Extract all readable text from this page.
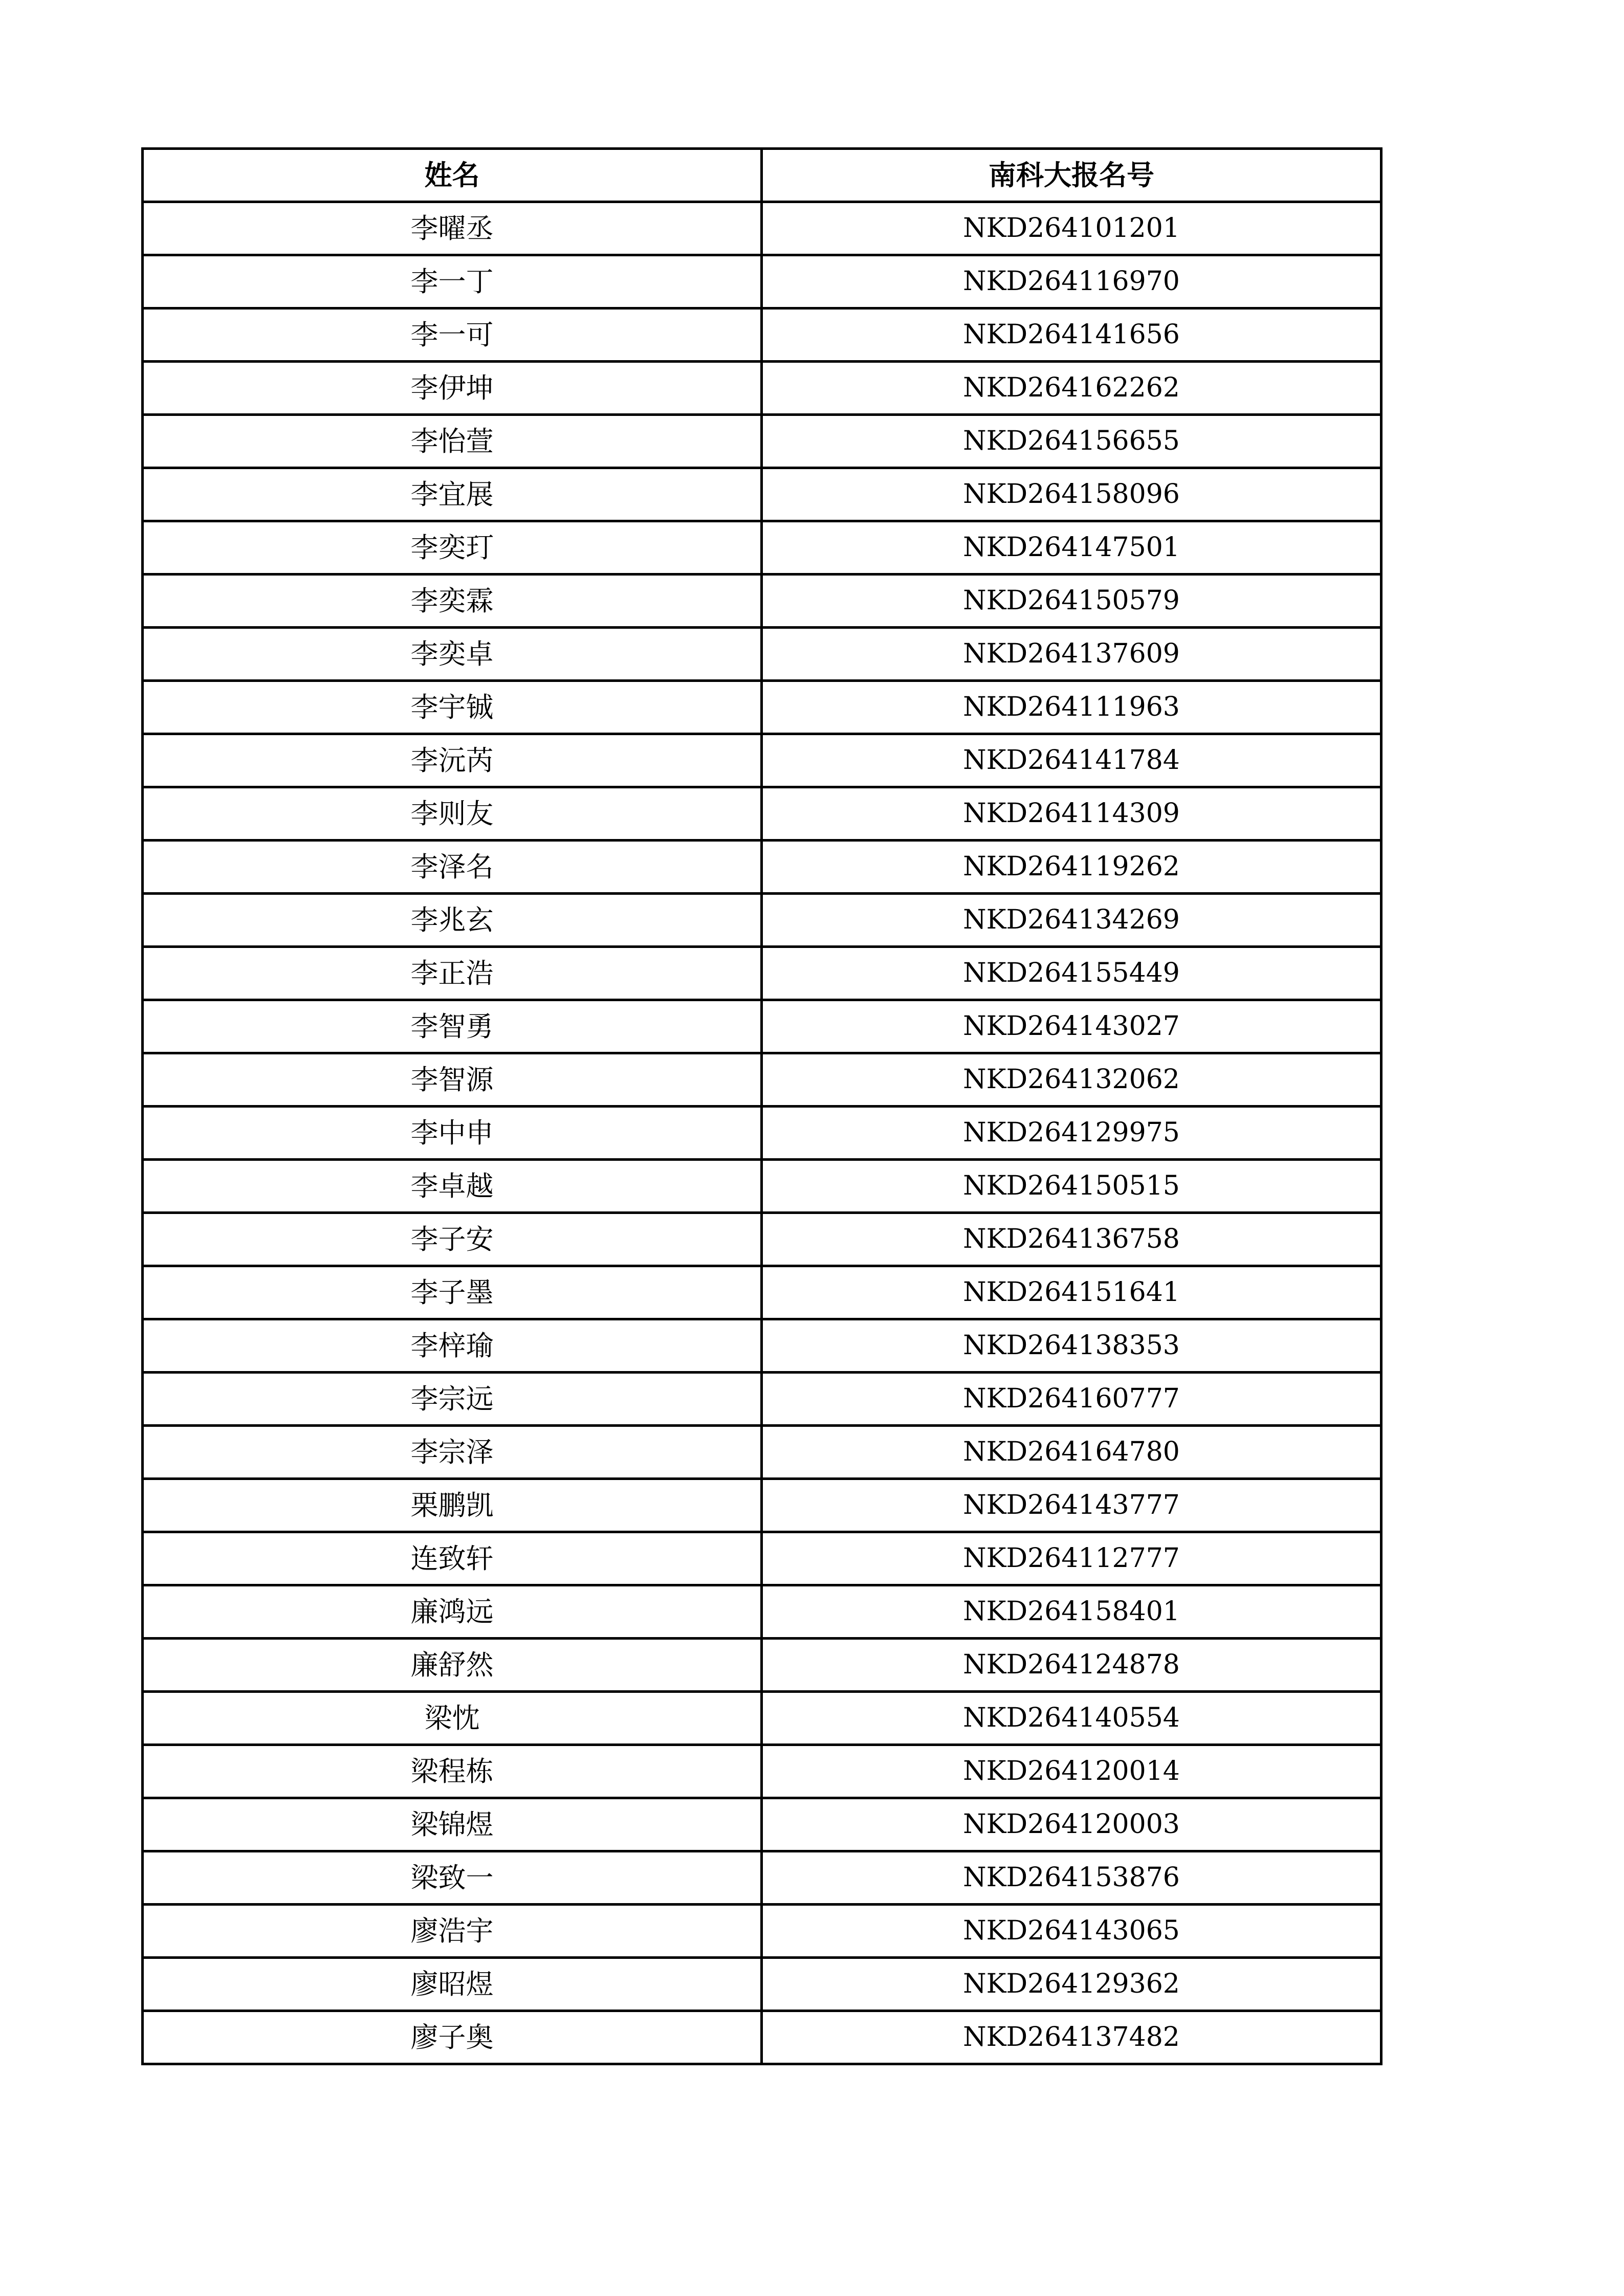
姓名	南科大报名号
李曜丞	NKD264101201
李一丁	NKD264116970
李一可	NKD264141656
李伊坤	NKD264162262
李怡萱	NKD264156655
李宜展	NKD264158096
李奕玎	NKD264147501
李奕霖	NKD264150579
李奕卓	NKD264137609
李宇铖	NKD264111963
李沅芮	NKD264141784
李则友	NKD264114309
李泽名	NKD264119262
李兆玄	NKD264134269
李正浩	NKD264155449
李智勇	NKD264143027
李智源	NKD264132062
李中申	NKD264129975
李卓越	NKD264150515
李子安	NKD264136758
李子墨	NKD264151641
李梓瑜	NKD264138353
李宗远	NKD264160777
李宗泽	NKD264164780
栗鹏凯	NKD264143777
连致轩	NKD264112777
廉鸿远	NKD264158401
廉舒然	NKD264124878
梁忱	NKD264140554
梁程栋	NKD264120014
梁锦煜	NKD264120003
梁致一	NKD264153876
廖浩宇	NKD264143065
廖昭煜	NKD264129362
廖子奥	NKD264137482
